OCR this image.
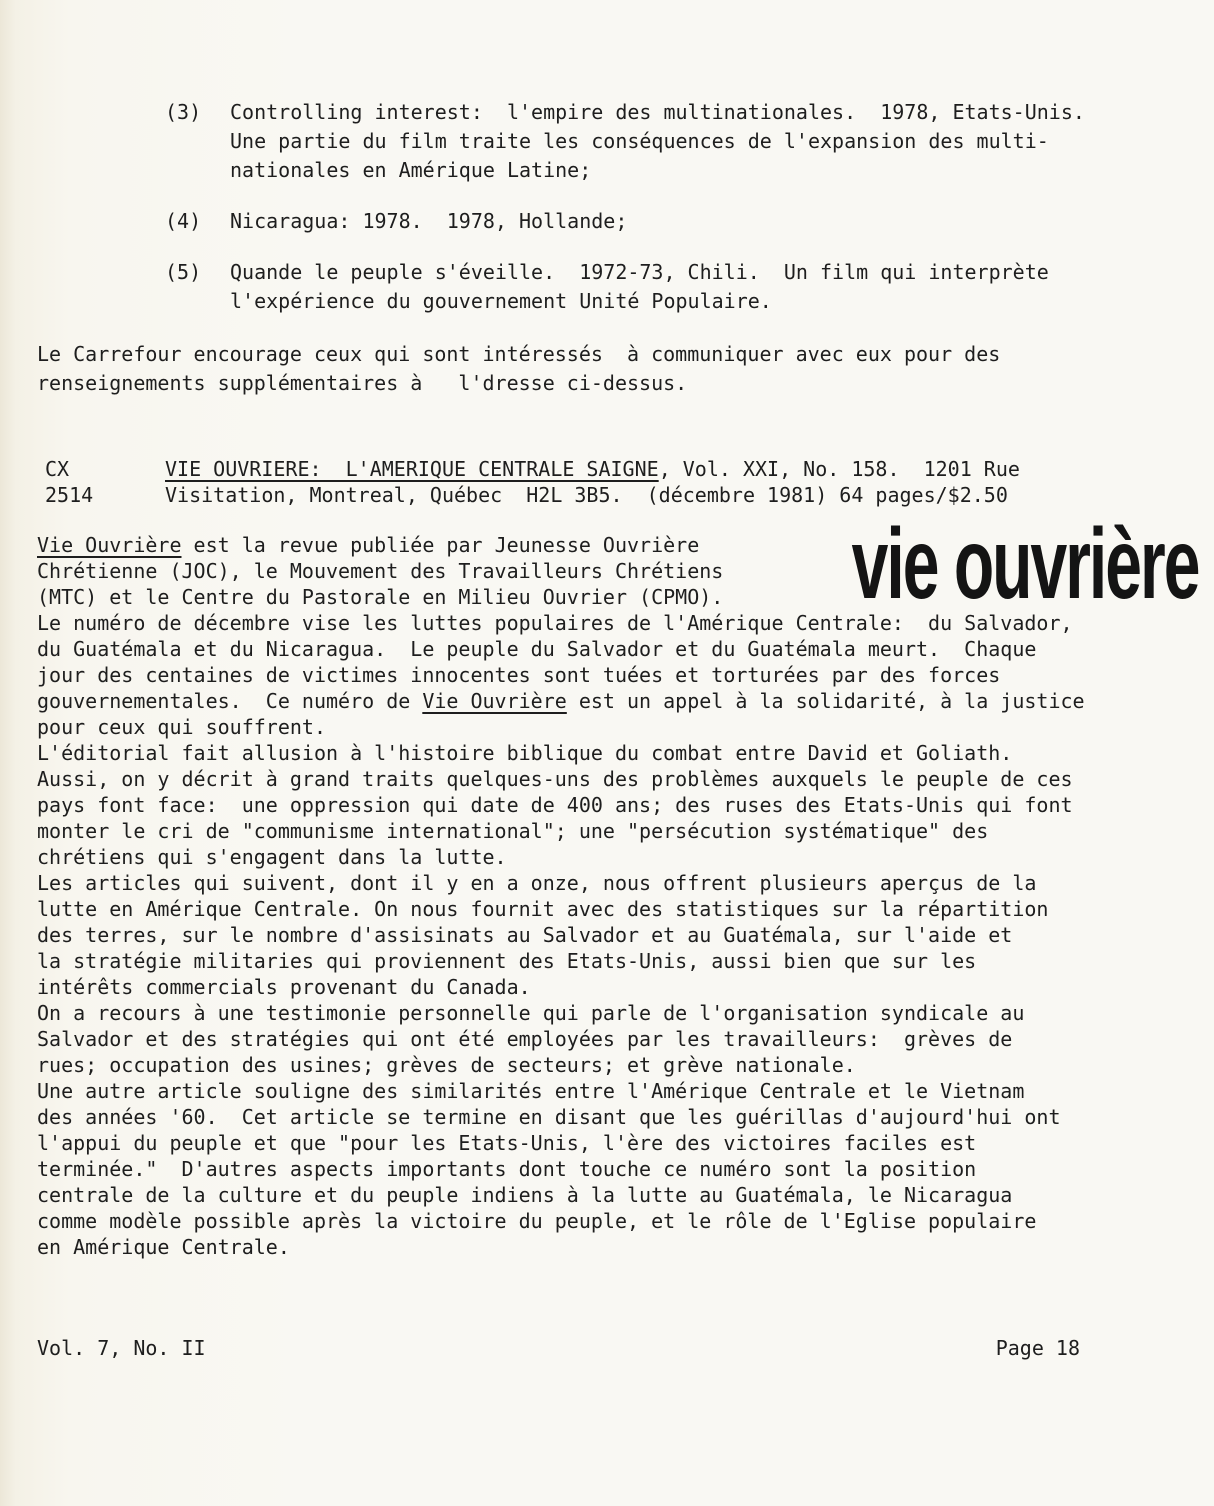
(3)	Controlling interest:  l'empire des multinationales.  1978, Etats-Unis.
Une partie du film traite les conséquences de l'expansion des multi-
nationales en Amérique Latine;
(4)	Nicaragua: 1978.  1978, Hollande;
(5)	Quande le peuple s'éveille.  1972-73, Chili.  Un film qui interprète
l'expérience du gouvernement Unité Populaire.
Le Carrefour encourage ceux qui sont intéressés  à communiquer avec eux pour des
renseignements supplémentaires à   l'dresse ci-dessus.
CX
2514
VIE OUVRIERE:  L'AMERIQUE CENTRALE SAIGNE, Vol. XXI, No. 158.  1201 Rue
Visitation, Montreal, Québec  H2L 3B5.  (décembre 1981) 64 pages/$2.50
vie ouvrière
Vie Ouvrière est la revue publiée par Jeunesse Ouvrière
Chrétienne (JOC), le Mouvement des Travailleurs Chrétiens
(MTC) et le Centre du Pastorale en Milieu Ouvrier (CPMO).
Le numéro de décembre vise les luttes populaires de l'Amérique Centrale:  du Salvador,
du Guatémala et du Nicaragua.  Le peuple du Salvador et du Guatémala meurt.  Chaque
jour des centaines de victimes innocentes sont tuées et torturées par des forces
gouvernementales.  Ce numéro de Vie Ouvrière est un appel à la solidarité, à la justice
pour ceux qui souffrent.
L'éditorial fait allusion à l'histoire biblique du combat entre David et Goliath.
Aussi, on y décrit à grand traits quelques-uns des problèmes auxquels le peuple de ces
pays font face:  une oppression qui date de 400 ans; des ruses des Etats-Unis qui font
monter le cri de "communisme international"; une "persécution systématique" des
chrétiens qui s'engagent dans la lutte.
Les articles qui suivent, dont il y en a onze, nous offrent plusieurs aperçus de la
lutte en Amérique Centrale. On nous fournit avec des statistiques sur la répartition
des terres, sur le nombre d'assisinats au Salvador et au Guatémala, sur l'aide et
la stratégie militaries qui proviennent des Etats-Unis, aussi bien que sur les
intérêts commercials provenant du Canada.
On a recours à une testimonie personnelle qui parle de l'organisation syndicale au
Salvador et des stratégies qui ont été employées par les travailleurs:  grèves de
rues; occupation des usines; grèves de secteurs; et grève nationale.
Une autre article souligne des similarités entre l'Amérique Centrale et le Vietnam
des années '60.  Cet article se termine en disant que les guérillas d'aujourd'hui ont
l'appui du peuple et que "pour les Etats-Unis, l'ère des victoires faciles est
terminée."  D'autres aspects importants dont touche ce numéro sont la position
centrale de la culture et du peuple indiens à la lutte au Guatémala, le Nicaragua
comme modèle possible après la victoire du peuple, et le rôle de l'Eglise populaire
en Amérique Centrale.
Vol. 7, No. II	Page 18
